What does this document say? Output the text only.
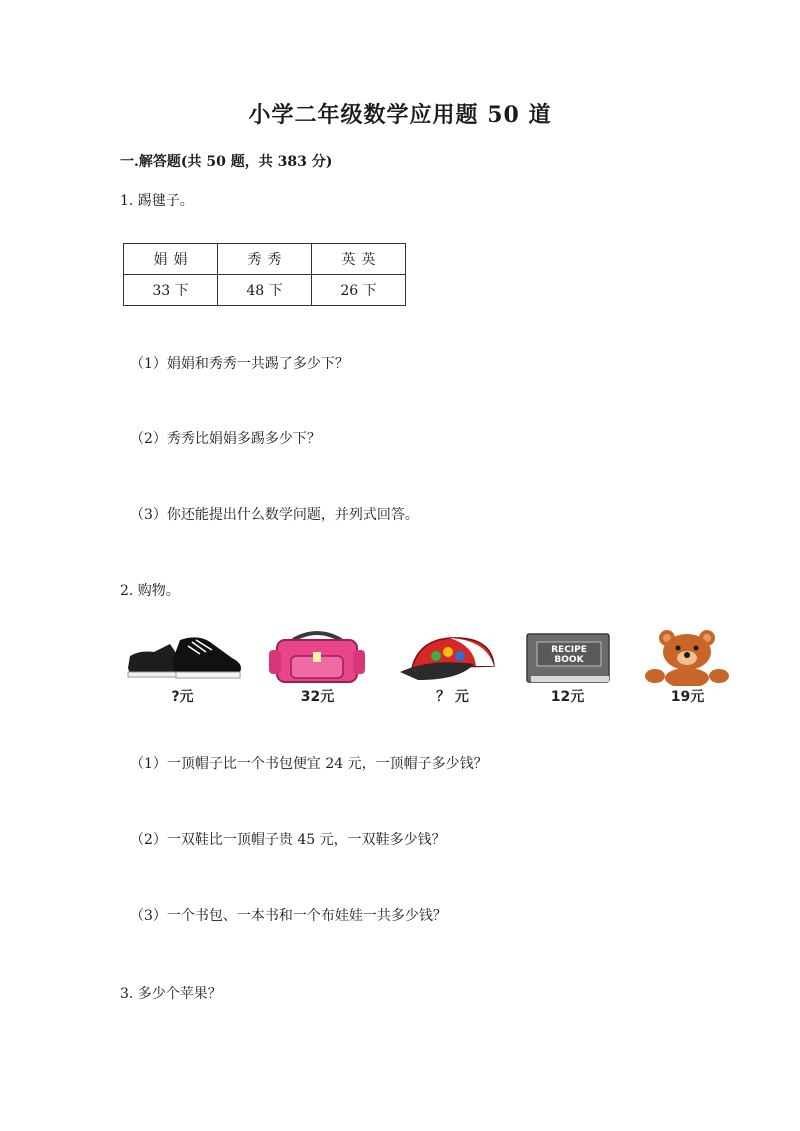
小学二年级数学应用题 50 道
一.解答题(共 50 题，共 383 分)
1. 踢毽子。
娟娟	秀秀	英英
33 下	48 下	26 下
（1）娟娟和秀秀一共踢了多少下？
（2）秀秀比娟娟多踢多少下？
（3）你还能提出什么数学问题，并列式回答。
2. 购物。
?元	32元	？ 元
RECIPE
BOOK
12元	19元
（1）一顶帽子比一个书包便宜 24 元，一顶帽子多少钱？
（2）一双鞋比一顶帽子贵 45 元，一双鞋多少钱？
（3）一个书包、一本书和一个布娃娃一共多少钱？
3. 多少个苹果？
